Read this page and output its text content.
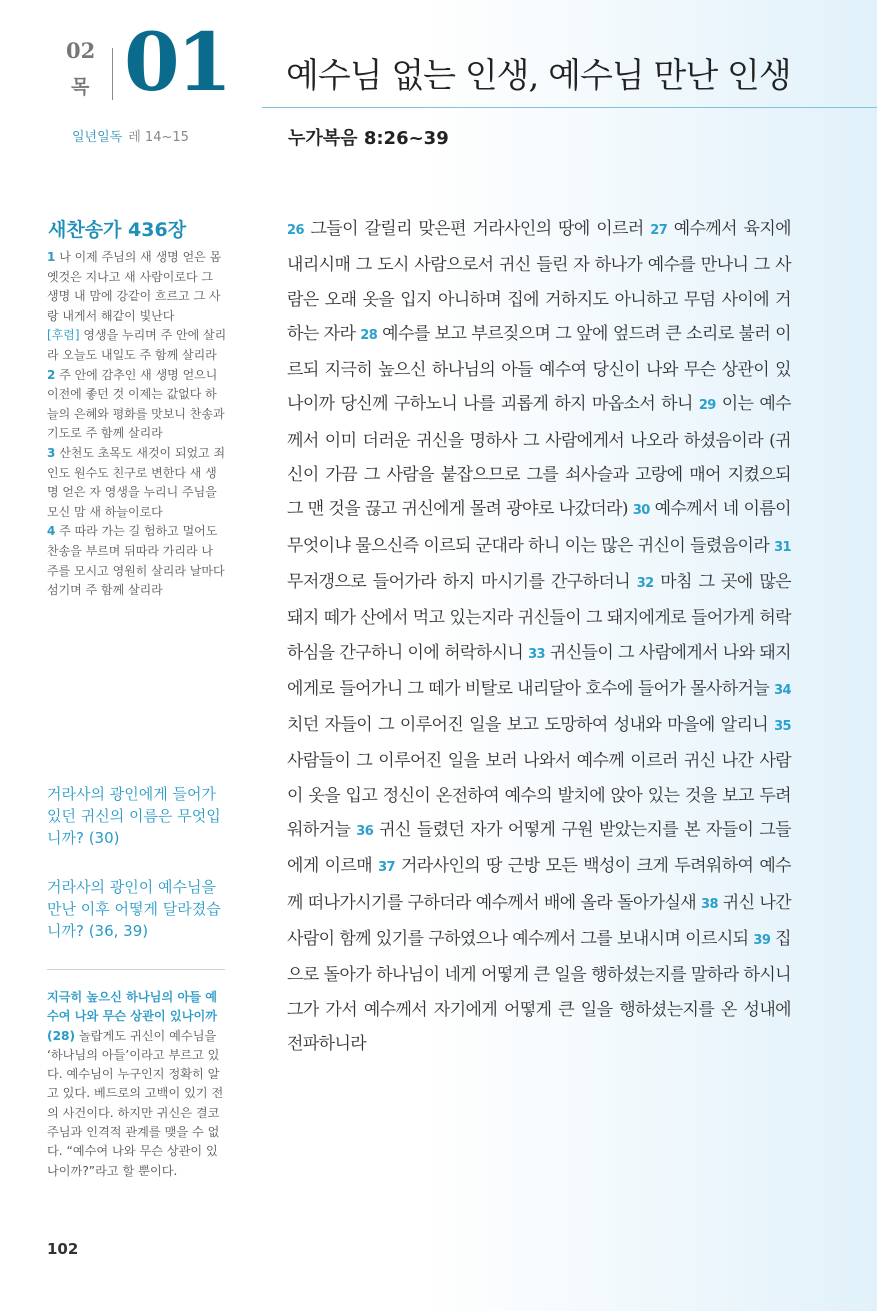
02
목 01 예수님 없는 인생, 예수님 만난 인생
일년일독 레 14~15	누가복음 8:26~39
새찬송가 436장

1 나 이제 주님의 새 생명 얻은 몸 옛것은 지나고 새 사람이로다 그 생명 내 맘에 강같이 흐르고 그 사랑 내게서 해같이 빛난다

[후렴] 영생을 누리며 주 안에 살리라 오늘도 내일도 주 함께 살리라

2 주 안에 감추인 새 생명 얻으니 이전에 좋던 것 이제는 값없다 하늘의 은혜와 평화를 맛보니 찬송과 기도로 주 함께 살리라

3 산천도 초목도 새것이 되었고 죄인도 원수도 친구로 변한다 새 생명 얻은 자 영생을 누리니 주님을 모신 맘 새 하늘이로다

4 주 따라 가는 길 험하고 멀어도 찬송을 부르며 뒤따라 가리라 나 주를 모시고 영원히 살리라 날마다 섬기며 주 함께 살리라

거라사의 광인에게 들어가 있던 귀신의 이름은 무엇입니까? (30)
거라사의 광인이 예수님을 만난 이후 어떻게 달라졌습니까? (36, 39)
지극히 높으신 하나님의 아들 예수여 나와 무슨 상관이 있나이까(28) 놀랍게도 귀신이 예수님을 ‘하나님의 아들’이라고 부르고 있다. 예수님이 누구인지 정확히 알고 있다. 베드로의 고백이 있기 전의 사건이다. 하지만 귀신은 결코 주님과 인격적 관계를 맺을 수 없다. “예수여 나와 무슨 상관이 있나이까?”라고 할 뿐이다.
102
26 그들이 갈릴리 맞은편 거라사인의 땅에 이르러 27 예수께서 육지에 내리시매 그 도시 사람으로서 귀신 들린 자 하나가 예수를 만나니 그 사람은 오래 옷을 입지 아니하며 집에 거하지도 아니하고 무덤 사이에 거하는 자라 28 예수를 보고 부르짖으며 그 앞에 엎드려 큰 소리로 불러 이르되 지극히 높으신 하나님의 아들 예수여 당신이 나와 무슨 상관이 있나이까 당신께 구하노니 나를 괴롭게 하지 마옵소서 하니 29 이는 예수께서 이미 더러운 귀신을 명하사 그 사람에게서 나오라 하셨음이라 (귀신이 가끔 그 사람을 붙잡으므로 그를 쇠사슬과 고랑에 매어 지켰으되 그 맨 것을 끊고 귀신에게 몰려 광야로 나갔더라) 30 예수께서 네 이름이 무엇이냐 물으신즉 이르되 군대라 하니 이는 많은 귀신이 들렸음이라 31 무저갱으로 들어가라 하지 마시기를 간구하더니 32 마침 그 곳에 많은 돼지 떼가 산에서 먹고 있는지라 귀신들이 그 돼지에게로 들어가게 허락하심을 간구하니 이에 허락하시니 33 귀신들이 그 사람에게서 나와 돼지에게로 들어가니 그 떼가 비탈로 내리달아 호수에 들어가 몰사하거늘 34 치던 자들이 그 이루어진 일을 보고 도망하여 성내와 마을에 알리니 35 사람들이 그 이루어진 일을 보러 나와서 예수께 이르러 귀신 나간 사람이 옷을 입고 정신이 온전하여 예수의 발치에 앉아 있는 것을 보고 두려워하거늘 36 귀신 들렸던 자가 어떻게 구원 받았는지를 본 자들이 그들에게 이르매 37 거라사인의 땅 근방 모든 백성이 크게 두려워하여 예수께 떠나가시기를 구하더라 예수께서 배에 올라 돌아가실새 38 귀신 나간 사람이 함께 있기를 구하였으나 예수께서 그를 보내시며 이르시되 39 집으로 돌아가 하나님이 네게 어떻게 큰 일을 행하셨는지를 말하라 하시니 그가 가서 예수께서 자기에게 어떻게 큰 일을 행하셨는지를 온 성내에 전파하니라
